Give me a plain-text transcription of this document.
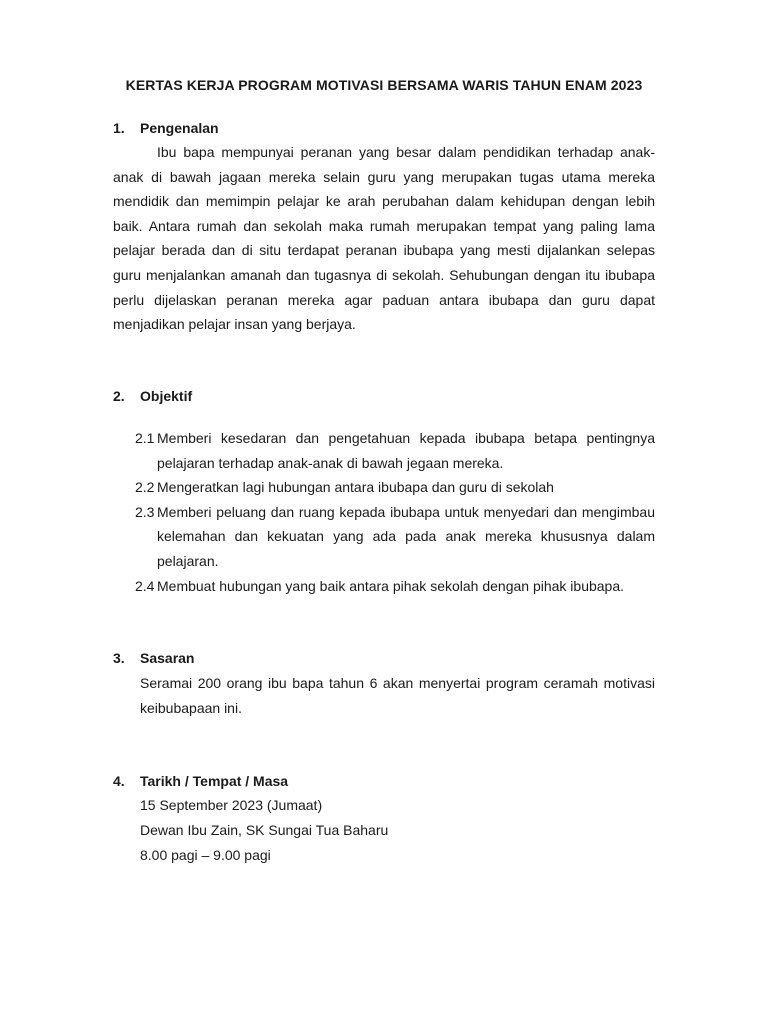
KERTAS KERJA PROGRAM MOTIVASI BERSAMA WARIS TAHUN ENAM 2023
1. Pengenalan

Ibu bapa mempunyai peranan yang besar dalam pendidikan terhadap anak-anak di bawah jagaan mereka selain guru yang merupakan tugas utama mereka mendidik dan memimpin pelajar ke arah perubahan dalam kehidupan dengan lebih baik. Antara rumah dan sekolah maka rumah merupakan tempat yang paling lama pelajar berada dan di situ terdapat peranan ibubapa yang mesti dijalankan selepas guru menjalankan amanah dan tugasnya di sekolah. Sehubungan dengan itu ibubapa perlu dijelaskan peranan mereka agar paduan antara ibubapa dan guru dapat menjadikan pelajar insan yang berjaya.

2. Objektif
2.1 Memberi kesedaran dan pengetahuan kepada ibubapa betapa pentingnya pelajaran terhadap anak-anak di bawah jegaan mereka.
2.2 Mengeratkan lagi hubungan antara ibubapa dan guru di sekolah
2.3 Memberi peluang dan ruang kepada ibubapa untuk menyedari dan mengimbau kelemahan dan kekuatan yang ada pada anak mereka khususnya dalam pelajaran.
2.4 Membuat hubungan yang baik antara pihak sekolah dengan pihak ibubapa.
3. Sasaran

Seramai 200 orang ibu bapa tahun 6 akan menyertai program ceramah motivasi keibubapaan ini.

4. Tarikh / Tempat / Masa

15 September 2023 (Jumaat)

Dewan Ibu Zain, SK Sungai Tua Baharu

8.00 pagi – 9.00 pagi
